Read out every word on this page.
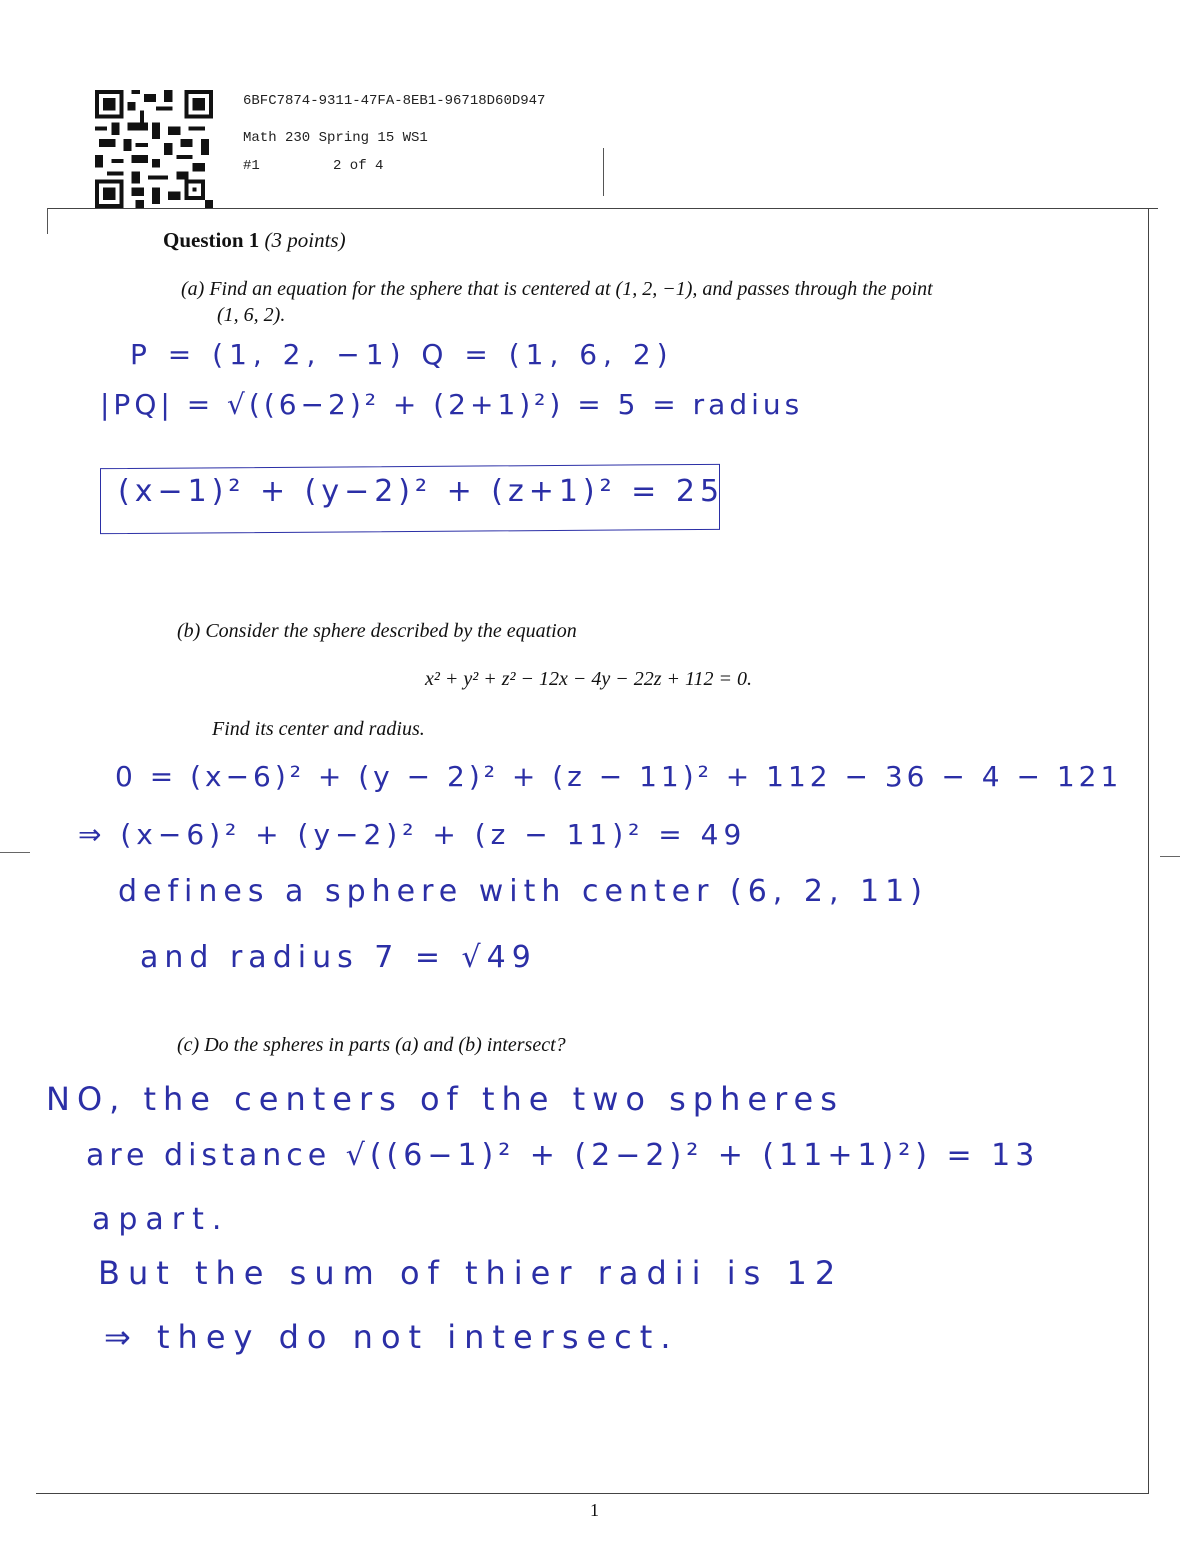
6BFC7874-9311-47FA-8EB1-96718D60D947
Math 230 Spring 15 WS1
#1	2 of 4
Question 1 (3 points)
(a) Find an equation for the sphere that is centered at (1, 2, −1), and passes through the point
(1, 6, 2).
P = (1, 2, −1) Q = (1, 6, 2)
|PQ| = √((6−2)² + (2+1)²) = 5 = radius
(x−1)² + (y−2)² + (z+1)² = 25
(b) Consider the sphere described by the equation
x² + y² + z² − 12x − 4y − 22z + 112 = 0.
Find its center and radius.
0 = (x−6)² + (y − 2)² + (z − 11)² + 112 − 36 − 4 − 121
⇒ (x−6)² + (y−2)² + (z − 11)² = 49
defines a sphere with center (6, 2, 11)
and radius 7 = √49
(c) Do the spheres in parts (a) and (b) intersect?
NO, the centers of the two spheres
are distance √((6−1)² + (2−2)² + (11+1)²) = 13
apart.
But the sum of thier radii is 12
⇒ they do not intersect.
1
